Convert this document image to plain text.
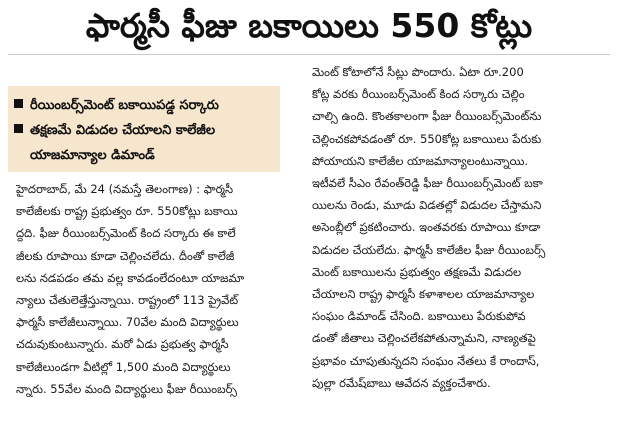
ఫార్మసీ ఫీజు బకాయిలు 550 కోట్లు
రీయింబర్స్‌మెంట్ బకాయిపడ్డ సర్కారు
తక్షణమే విడుదల చేయాలని కాలేజీల
యాజమాన్యాల డిమాండ్
హైదరాబాద్, మే 24 (నమస్తే తెలంగాణ) : ఫార్మసీ
కాలేజీలకు రాష్ట్ర ప్రభుత్వం రూ. 550కోట్లు బకాయి
ద్దది. ఫీజు రీయింబర్స్‌మెంట్ కింద సర్కారు ఈ కాలే
జీలకు రూపాయి కూడా చెల్లించలేదు. దీంతో కాలేజీ
లను నడపడం తమ వల్ల కావడంలేదంటూ యాజమా
న్యాలు చేతులెత్తేస్తున్నాయి. రాష్ట్రంలో 113 ప్రైవేట్
ఫార్మసీ కాలేజీలున్నాయి. 70వేల మంది విద్యార్థులు
చదువుకుంటున్నారు. మరో ఏడు ప్రభుత్వ ఫార్మసీ
కాలేజీలుండగా వీటిల్లో 1,500 మంది విద్యార్థులు
న్నారు. 55వేల మంది విద్యార్థులు ఫీజు రీయింబర్స్
మెంట్ కోటాలోనే సీట్లు పొందారు. ఏటా రూ.200
కోట్ల వరకు రీయింబర్స్‌మెంట్ కింద సర్కారు చెల్లిం
చాల్సి ఉంది. కొంతకాలంగా ఫీజు రీయింబర్స్‌మెంట్‌ను
చెల్లించకపోవడంతో రూ. 550కోట్ల బకాయిలు పేరుకు
పోయాయని కాలేజీల యాజమాన్యాలంటున్నాయి.
ఇటీవలే సీఎం రేవంత్‌రెడ్డి ఫీజు రీయింబర్స్‌మెంట్ బకా
యిలను రెండు, మూడు విడతల్లో విడుదల చేస్తామని
అసెంబ్లీలో ప్రకటించారు. ఇంతవరకు రూపాయి కూడా
విడుదల చేయలేదు. ఫార్మసీ కాలేజీల ఫీజు రీయింబర్స్
మెంట్ బకాయిలను ప్రభుత్వం తక్షణమే విడుదల
చేయాలని రాష్ట్ర ఫార్మసీ కళాశాలల యాజమాన్యాల
సంఘం డిమాండ్ చేసింది. బకాయిలు పేరుకుపోవ
డంతో జీతాలు చెల్లించలేకపోతున్నామని, నాణ్యతపై
ప్రభావం చూపుతున్నదని సంఘం నేతలు కే రాందాస్,
పుల్లా రమేష్‌బాబు ఆవేదన వ్యక్తంచేశారు.
